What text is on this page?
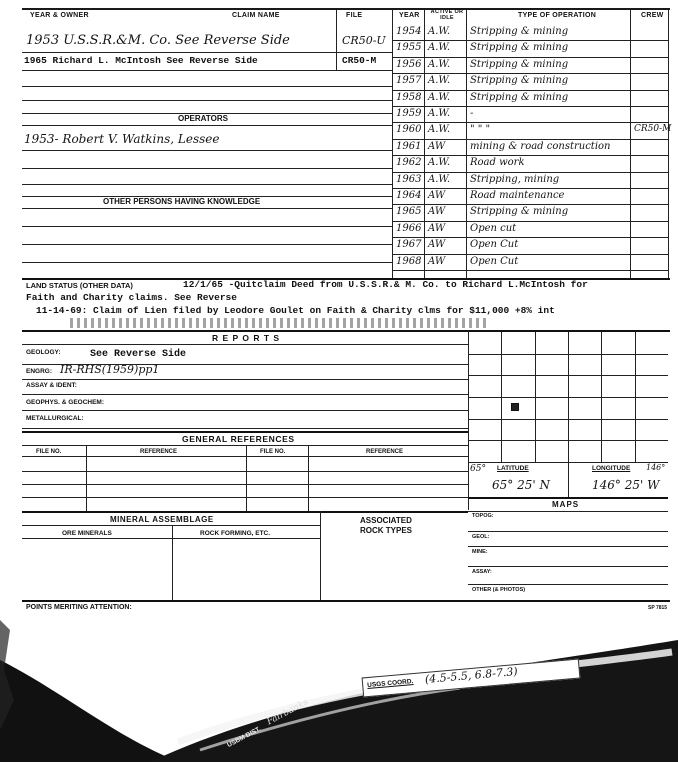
YEAR & OWNER	CLAIM NAME	FILE	YEAR	ACTIVE OR IDLE	TYPE OF OPERATION	CREW
1953 U.S.S.R.&M. Co. See Reverse Side	CR50-U
1965 Richard L. McIntosh See Reverse Side	CR50-M
OPERATORS
1953- Robert V. Watkins, Lessee
OTHER PERSONS HAVING KNOWLEDGE
1954 A.W. Stripping & mining
1955 A.W. Stripping & mining
1956 A.W. Stripping & mining
1957 A.W. Stripping & mining
1958 A.W. Stripping & mining
1959 A.W. -
1960 A.W. " " "	CR50-M
1961 AW mining & road construction
1962 A.W. Road work
1963 A.W. Stripping, mining
1964 AW Road maintenance
1965 AW Stripping & mining
1966 AW Open cut
1967 AW Open Cut
1968 AW Open Cut
LAND STATUS (OTHER DATA)	12/1/65 -Quitclaim Deed from U.S.S.R.& M. Co. to Richard L.McIntosh for
Faith and Charity claims. See Reverse
11-14-69: Claim of Lien filed by Leodore Goulet on Faith & Charity clms for $11,000 +8% int
R E P O R T S
GEOLOGY:	See Reverse Side
ENGRG: IR-RHS(1959)pp1
ASSAY & IDENT:
GEOPHYS. & GEOCHEM:
METALLURGICAL:
GENERAL REFERENCES
FILE NO.	REFERENCE	FILE NO.	REFERENCE
65° LATITUDE	LONGITUDE 146°
65° 25' N	146° 25' W
MAPS
TOPOG:
GEOL:
MINE:
ASSAY:
OTHER (& PHOTOS)
MINERAL ASSEMBLAGE	ASSOCIATED
ROCK TYPES
ORE MINERALS	ROCK FORMING, ETC.
POINTS MERITING ATTENTION:	SP 7815
USGS COORD. (4.5-5.5, 6.8-7.3)
USBM DIST.
Fairbanks
